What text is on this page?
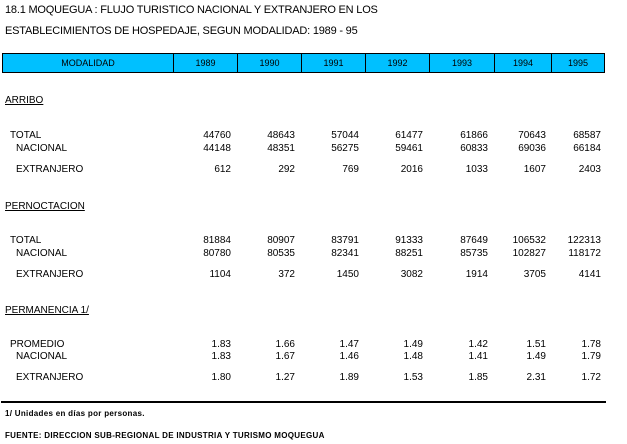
18.1 MOQUEGUA : FLUJO TURISTICO NACIONAL Y EXTRANJERO EN LOS
ESTABLECIMIENTOS DE HOSPEDAJE, SEGUN MODALIDAD: 1989 - 95
MODALIDAD	1989	1990	1991	1992	1993	1994	1995
ARRIBO
TOTAL	44760	48643	57044	61477	61866	70643	68587
NACIONAL	44148	48351	56275	59461	60833	69036	66184
EXTRANJERO	612	292	769	2016	1033	1607	2403
PERNOCTACION
TOTAL	81884	80907	83791	91333	87649	106532	122313
NACIONAL	80780	80535	82341	88251	85735	102827	118172
EXTRANJERO	1104	372	1450	3082	1914	3705	4141
PERMANENCIA 1/
PROMEDIO	1.83	1.66	1.47	1.49	1.42	1.51	1.78
NACIONAL	1.83	1.67	1.46	1.48	1.41	1.49	1.79
EXTRANJERO	1.80	1.27	1.89	1.53	1.85	2.31	1.72
1/ Unidades en días por personas.
FUENTE: DIRECCION SUB-REGIONAL DE INDUSTRIA Y TURISMO MOQUEGUA
